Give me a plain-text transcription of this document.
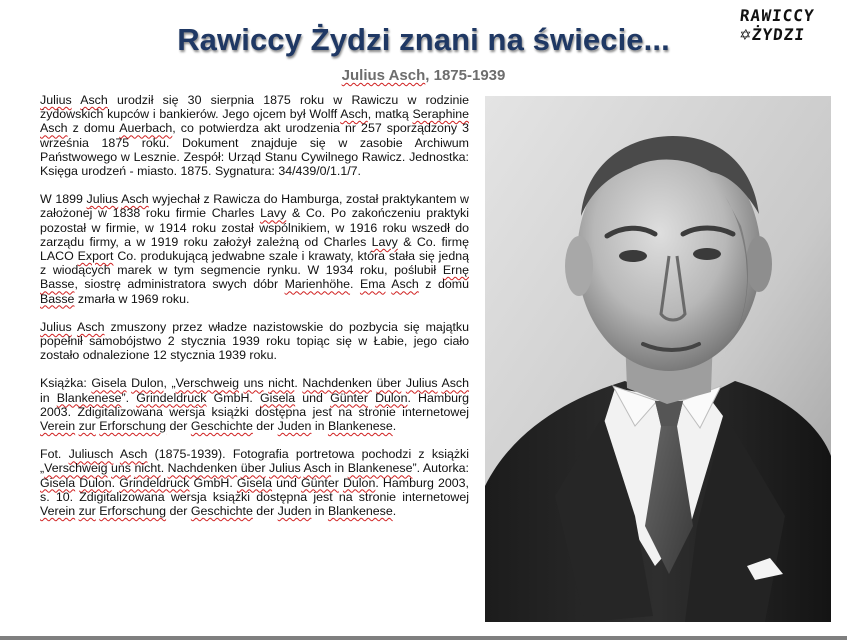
Rawiccy Żydzi znani na świecie...
Julius Asch, 1875-1939
RAWICCY
✡ŻYDZI

Julius Asch urodził się 30 sierpnia 1875 roku w Rawiczu w rodzinie żydowskich kupców i bankierów. Jego ojcem był Wolff Asch, matką Seraphine Asch z domu Auerbach, co potwierdza akt urodzenia nr 257 sporządzony 3 września 1875 roku. Dokument znajduje się w zasobie Archiwum Państwowego w Lesznie. Zespół: Urząd Stanu Cywilnego Rawicz. Jednostka: Księga urodzeń - miasto. 1875. Sygnatura: 34/439/0/1.1/7.

W 1899 Julius Asch wyjechał z Rawicza do Hamburga, został praktykantem w założonej w 1838 roku firmie Charles Lavy & Co. Po zakończeniu praktyki pozostał w firmie, w 1914 roku został wspólnikiem, w 1916 roku wszedł do zarządu firmy, a w 1919 roku założył zależną od Charles Lavy & Co. firmę LACO Export Co. produkującą jedwabne szale i krawaty, która stała się jedną z wiodących marek w tym segmencie rynku. W 1934 roku, poślubił Ernę Basse, siostrę administratora swych dóbr Marienhöhe. Ema Asch z domu Basse zmarła w 1969 roku.

Julius Asch zmuszony przez władze nazistowskie do pozbycia się majątku popełnił samobójstwo 2 stycznia 1939 roku topiąc się w Łabie, jego ciało zostało odnalezione 12 stycznia 1939 roku.

Książka: Gisela Dulon, „Verschweig uns nicht. Nachdenken über Julius Asch in Blankenese”. Grindeldruck GmbH. Gisela und Günter Dulon. Hamburg 2003. Zdigitalizowana wersja książki dostępna jest na stronie internetowej Verein zur Erforschung der Geschichte der Juden in Blankenese.

Fot. Juliusch Asch (1875-1939). Fotografia portretowa pochodzi z książki „Verschweig uns nicht. Nachdenken über Julius Asch in Blankenese”. Autorka: Gisela Dulon. Grindeldruck GmbH. Gisela und Günter Dulon. Hamburg 2003, s. 10. Zdigitalizowana wersja książki dostępna jest na stronie internetowej Verein zur Erforschung der Geschichte der Juden in Blankenese.
